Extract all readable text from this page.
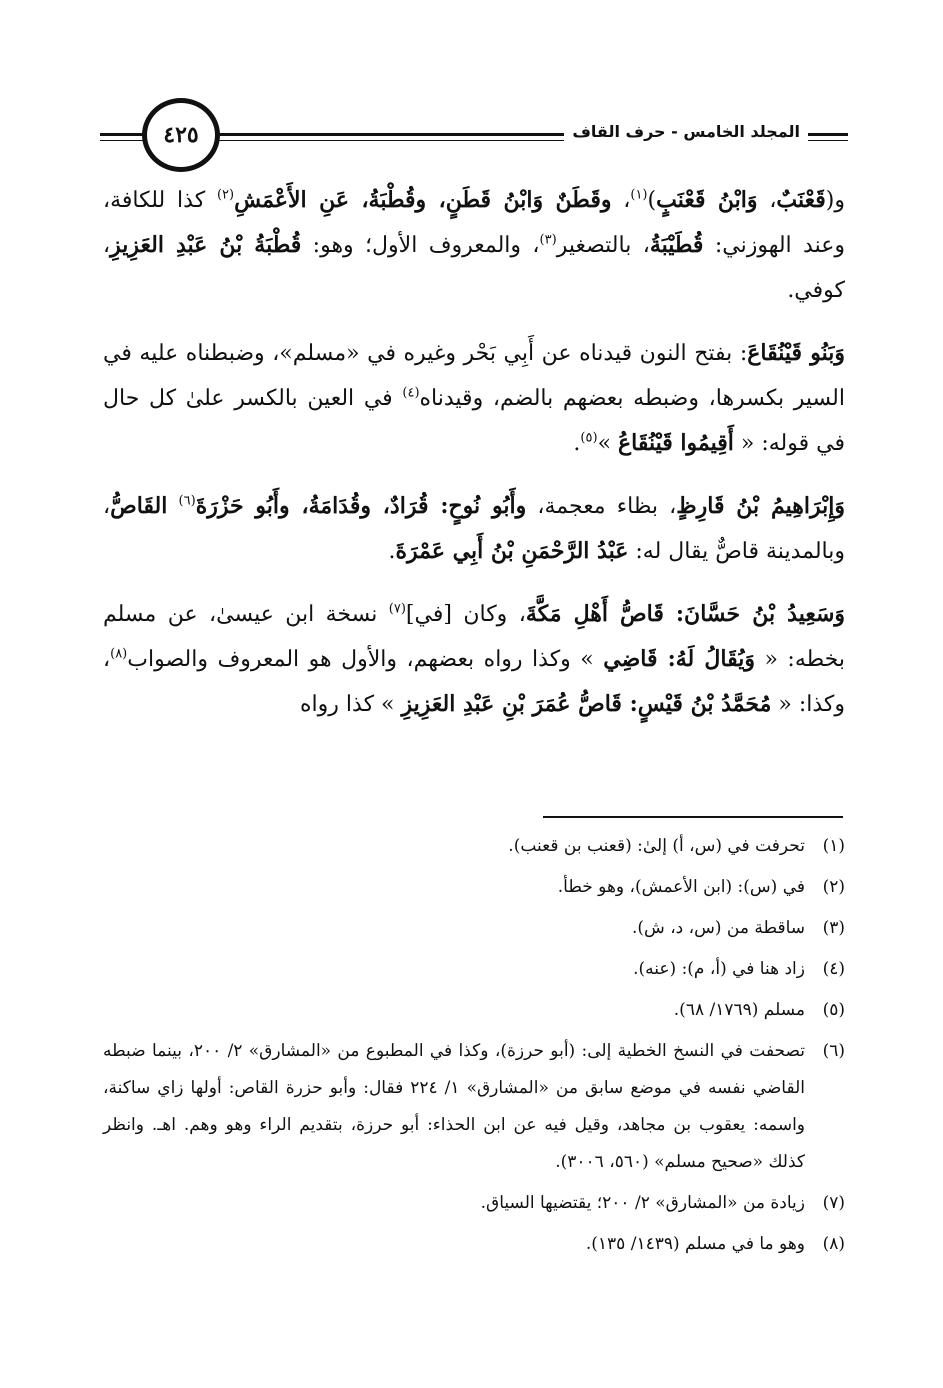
٤٢٥	المجلد الخامس - حرف القاف

و(قَعْنَبٌ، وَابْنُ قَعْنَبٍ)$^{(١)}$، وقَطَنٌ وَابْنُ قَطَنٍ، وقُطْبَةُ، عَنِ الأَعْمَشِ$^{(٢)}$ كذا للكافة، وعند الهوزني: قُطَيْبَةُ، بالتصغير$^{(٣)}$، والمعروف الأول؛ وهو: قُطْبَةُ بْنُ عَبْدِ العَزِيزِ، كوفي.

وَبَنُو قَيْنُقَاعَ: بفتح النون قيدناه عن أَبِي بَحْر وغيره في «مسلم»، وضبطناه عليه في السير بكسرها، وضبطه بعضهم بالضم، وقيدناه$^{(٤)}$ في العين بالكسر علىٰ كل حال في قوله: « أَقِيمُوا قَيْنُقَاعُ »$^{(٥)}$.

وَإِبْرَاهِيمُ بْنُ قَارِظٍ، بظاء معجمة، وأَبُو نُوحٍ: قُرَادٌ، وقُدَامَةُ، وأَبُو حَزْرَةَ$^{(٦)}$ القَاصُّ، وبالمدينة قاصٌّ يقال له: عَبْدُ الرَّحْمَنِ بْنُ أَبِي عَمْرَةَ.

وَسَعِيدُ بْنُ حَسَّانَ: قَاصُّ أَهْلِ مَكَّةَ، وكان [في]$^{(٧)}$ نسخة ابن عيسىٰ، عن مسلم بخطه: « وَيُقَالُ لَهُ: قَاضِي » وكذا رواه بعضهم، والأول هو المعروف والصواب$^{(٨)}$، وكذا: « مُحَمَّدُ بْنُ قَيْسٍ: قَاصُّ عُمَرَ بْنِ عَبْدِ العَزِيزِ » كذا رواه

(١)
تحرفت في (س، أ) إلىٰ: (قعنب بن قعنب).
(٢)
في (س): (ابن الأعمش)، وهو خطأ.
(٣)
ساقطة من (س، د، ش).
(٤)
زاد هنا في (أ، م): (عنه).
(٥)
مسلم (١٧٦٩/ ٦٨).
(٦)
تصحفت في النسخ الخطية إلى: (أبو حرزة)، وكذا في المطبوع من «المشارق» ٢/ ٢٠٠، بينما ضبطه القاضي نفسه في موضع سابق من «المشارق» ١/ ٢٢٤ فقال: وأبو حزرة القاص: أولها زاي ساكنة، واسمه: يعقوب بن مجاهد، وقيل فيه عن ابن الحذاء: أبو حرزة، بتقديم الراء وهو وهم. اهـ. وانظر كذلك «صحيح مسلم» (٥٦٠، ٣٠٠٦).
(٧)
زيادة من «المشارق» ٢/ ٢٠٠؛ يقتضيها السياق.
(٨)
وهو ما في مسلم (١٤٣٩/ ١٣٥).
